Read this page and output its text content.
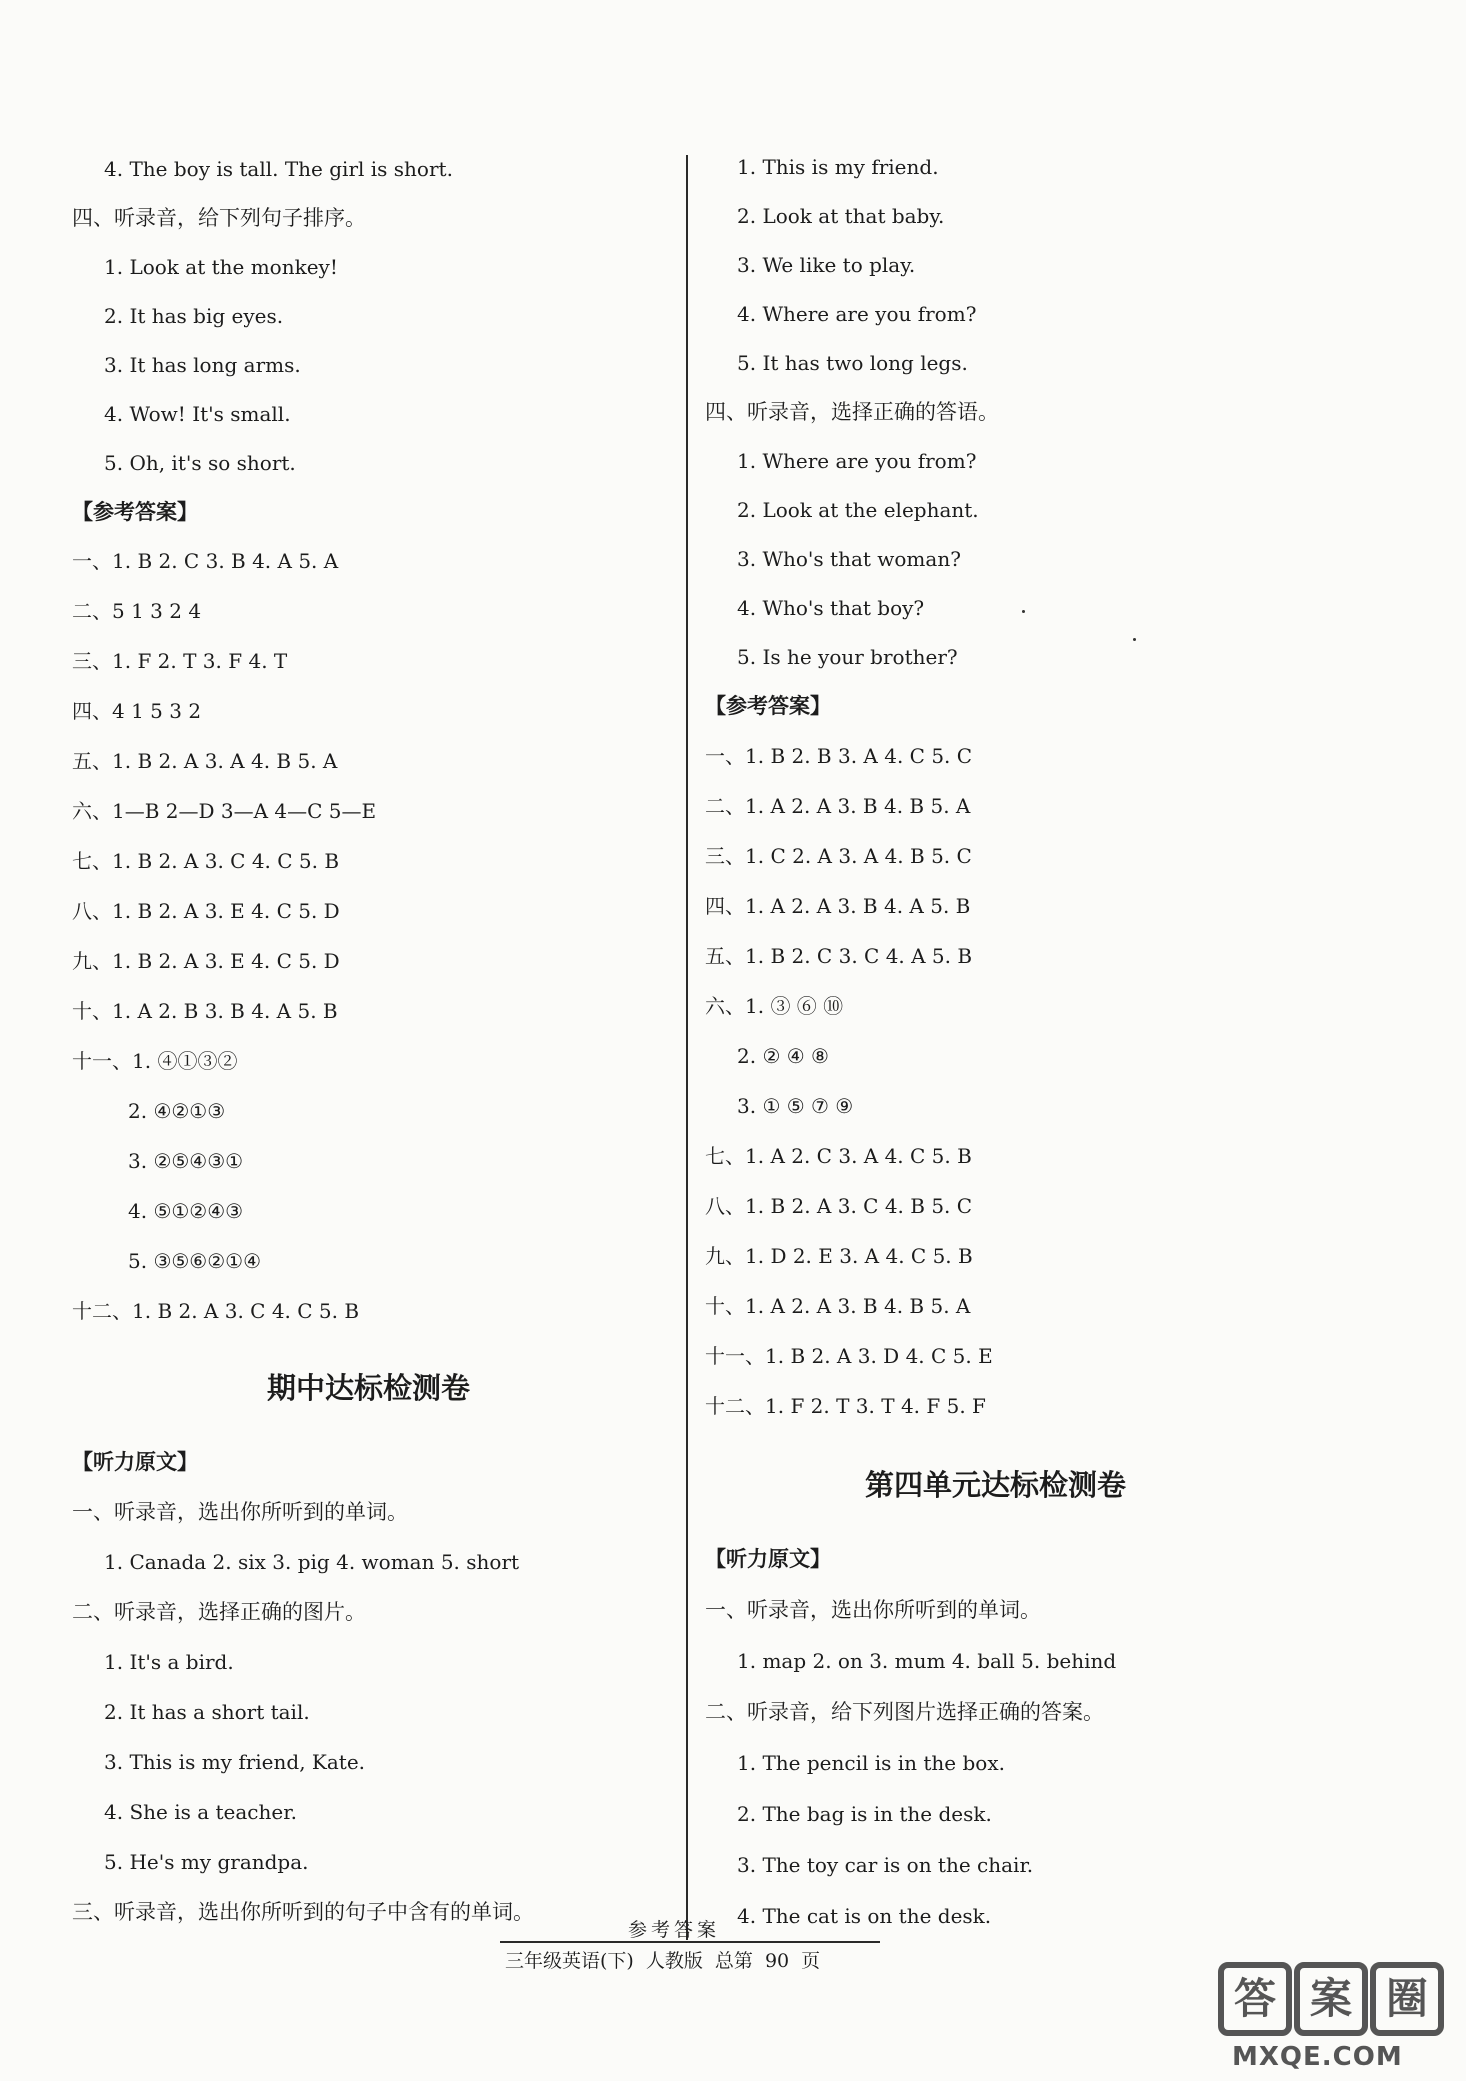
4. The boy is tall. The girl is short.
四、听录音，给下列句子排序。
1. Look at the monkey!
2. It has big eyes.
3. It has long arms.
4. Wow! It's small.
5. Oh, it's so short.
【参考答案】
一、1. B 2. C 3. B 4. A 5. A
二、5 1 3 2 4
三、1. F 2. T 3. F 4. T
四、4 1 5 3 2
五、1. B 2. A 3. A 4. B 5. A
六、1—B 2—D 3—A 4—C 5—E
七、1. B 2. A 3. C 4. C 5. B
八、1. B 2. A 3. E 4. C 5. D
九、1. B 2. A 3. E 4. C 5. D
十、1. A 2. B 3. B 4. A 5. B
十一、1. ④①③②
2. ④②①③
3. ②⑤④③①
4. ⑤①②④③
5. ③⑤⑥②①④
十二、1. B 2. A 3. C 4. C 5. B
【听力原文】
一、听录音，选出你所听到的单词。
1. Canada 2. six 3. pig 4. woman 5. short
二、听录音，选择正确的图片。
1. It's a bird.
2. It has a short tail.
3. This is my friend, Kate.
4. She is a teacher.
5. He's my grandpa.
三、听录音，选出你所听到的句子中含有的单词。
期中达标检测卷
1. This is my friend.
2. Look at that baby.
3. We like to play.
4. Where are you from?
5. It has two long legs.
四、听录音，选择正确的答语。
1. Where are you from?
2. Look at the elephant.
3. Who's that woman?
4. Who's that boy?
5. Is he your brother?
【参考答案】
一、1. B 2. B 3. A 4. C 5. C
二、1. A 2. A 3. B 4. B 5. A
三、1. C 2. A 3. A 4. B 5. C
四、1. A 2. A 3. B 4. A 5. B
五、1. B 2. C 3. C 4. A 5. B
六、1. ③ ⑥ ⑩
2. ② ④ ⑧
3. ① ⑤ ⑦ ⑨
七、1. A 2. C 3. A 4. C 5. B
八、1. B 2. A 3. C 4. B 5. C
九、1. D 2. E 3. A 4. C 5. B
十、1. A 2. A 3. B 4. B 5. A
十一、1. B 2. A 3. D 4. C 5. E
十二、1. F 2. T 3. T 4. F 5. F
【听力原文】
一、听录音，选出你所听到的单词。
1. map 2. on 3. mum 4. ball 5. behind
二、听录音，给下列图片选择正确的答案。
1. The pencil is in the box.
2. The bag is in the desk.
3. The toy car is on the chair.
4. The cat is on the desk.
第四单元达标检测卷
参考答案
三年级英语(下) 人教版 总第 90 页
答 案 圈
MXQE.COM
